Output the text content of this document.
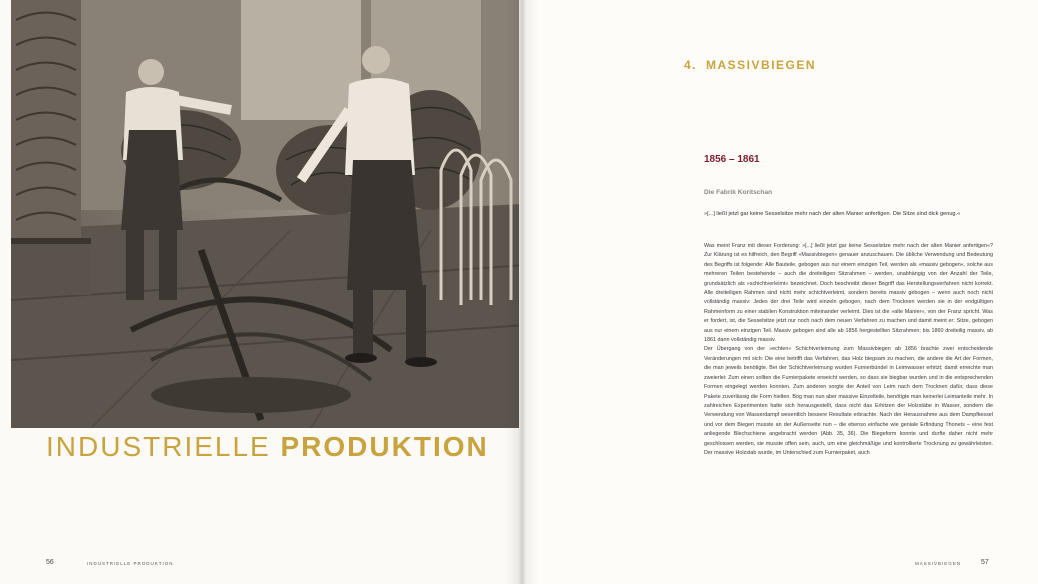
INDUSTRIELLE PRODUKTION
56	INDUSTRIELLE PRODUKTION
4. MASSIVBIEGEN
1856 – 1861
Die Fabrik Koritschan

»[...] ließt jetzt gar keine Sesselsitze mehr nach der alten Manier anfertigen. Die Sitze sind dick genug.«

Was meint Franz mit dieser Forderung: »[...] ließt jetzt gar keine Sesselsitze mehr nach der alten Manier anfertigen«? Zur Klärung ist es hilfreich, den Begriff »Massivbiegen« genauer anzuschauen. Die übliche Verwendung und Bedeutung des Begriffs ist folgende: Alle Bauteile, gebogen aus nur einem einzigen Teil, werden als »massiv gebogen«, solche aus mehreren Teilen bestehende – auch die dreiteiligen Sitzrahmen – werden, unabhängig von der Anzahl der Teile, grundsätzlich als »schichtverleimt« bezeichnet. Doch beschreibt dieser Begriff das Herstellungsverfahren nicht korrekt. Alle dreiteiligen Rahmen sind nicht mehr schichtverleimt, sondern bereits massiv gebogen – wenn auch noch nicht vollständig massiv: Jedes der drei Teile wird einzeln gebogen, nach dem Trocknen werden sie in der endgültigen Rahmenform zu einer stabilen Konstruktion miteinander verleimt. Dies ist die »alte Manier«, von der Franz spricht. Was er fordert, ist, die Sesselsitze jetzt nur noch nach dem neuen Verfahren zu machen und damit meint er: Sitze, gebogen aus nur einem einzigen Teil. Massiv gebogen sind alle ab 1856 hergestellten Sitzrahmen; bis 1860 dreiteilig massiv, ab 1861 dann vollständig massiv.

Der Übergang von der »echten« Schichtverleimung zum Massivbiegen ab 1856 brachte zwei entscheidende Veränderungen mit sich: Die eine betrifft das Verfahren, das Holz biegsam zu machen, die andere die Art der Formen, die man jeweils benötigte. Bei der Schichtverleimung wurden Furnierbündel in Leimwasser erhitzt; damit erreichte man zweierlei: Zum einen sollten die Furnierpakete erweicht werden, so dass sie biegbar wurden und in die entsprechenden Formen eingelegt werden konnten. Zum anderen sorgte der Anteil von Leim nach dem Trocknen dafür, dass diese Pakete zuverlässig die Form hielten. Bog man nun aber massive Einzelteile, benötigte man keinerlei Leimanteile mehr. In zahlreichen Experimenten hatte sich herausgestellt, dass nicht das Erhitzen der Holzstäbe in Wasser, sondern die Verwendung von Wasserdampf wesentlich bessere Resultate erbrachte. Nach der Herausnahme aus dem Dampfkessel und vor dem Biegen musste an der Außenseite nun – die ebenso einfache wie geniale Erfindung Thonets – eine fest anliegende Blechschiene angebracht werden (Abb. 35, 36). Die Biegeform konnte und durfte daher nicht mehr geschlossen werden, sie musste offen sein, auch, um eine gleichmäßige und kontrollierte Trocknung zu gewährleisten. Der massive Holzstab wurde, im Unterschied zum Furnierpaket, auch

MASSIVBIEGEN	57
